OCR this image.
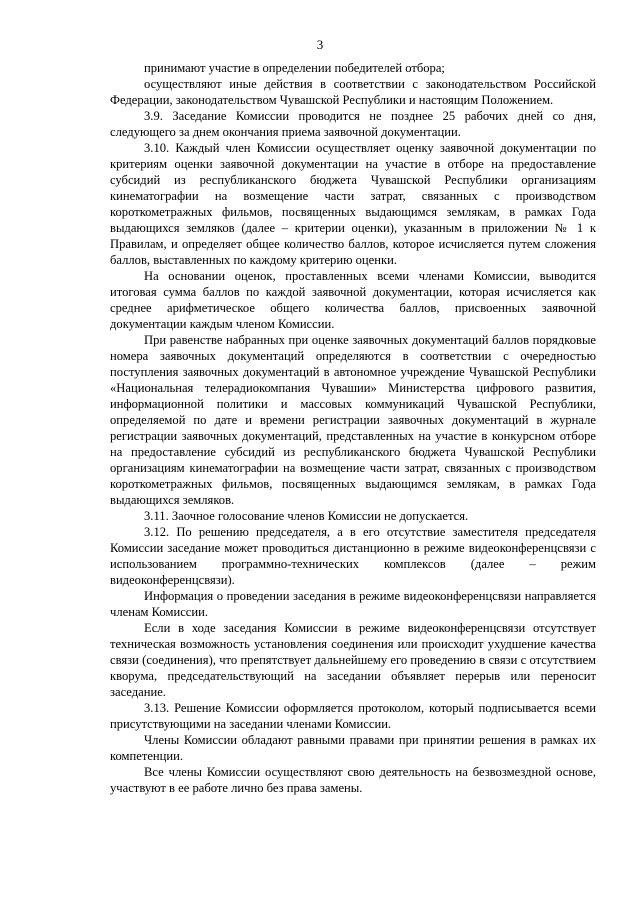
3

принимают участие в определении победителей отбора;

осуществляют иные действия в соответствии с законодательством Российской Федерации, законодательством Чувашской Республики и настоящим Положением.

3.9. Заседание Комиссии проводится не позднее 25 рабочих дней со дня, следующего за днем окончания приема заявочной документации.

3.10. Каждый член Комиссии осуществляет оценку заявочной документации по критериям оценки заявочной документации на участие в отборе на предоставление субсидий из республиканского бюджета Чувашской Республики организациям кинематографии на возмещение части затрат, связанных с производством короткометражных фильмов, посвященных выдающимся землякам, в рамках Года выдающихся земляков (далее – критерии оценки), указанным в приложении № 1 к Правилам, и определяет общее количество баллов, которое исчисляется путем сложения баллов, выставленных по каждому критерию оценки.

На основании оценок, проставленных всеми членами Комиссии, выводится итоговая сумма баллов по каждой заявочной документации, которая исчисляется как среднее арифметическое общего количества баллов, присвоенных заявочной документации каждым членом Комиссии.

При равенстве набранных при оценке заявочных документаций баллов порядковые номера заявочных документаций определяются в соответствии с очередностью поступления заявочных документаций в автономное учреждение Чувашской Республики «Национальная телерадиокомпания Чувашии» Министерства цифрового развития, информационной политики и массовых коммуникаций Чувашской Республики, определяемой по дате и времени регистрации заявочных документаций в журнале регистрации заявочных документаций, представленных на участие в конкурсном отборе на предоставление субсидий из республиканского бюджета Чувашской Республики организациям кинематографии на возмещение части затрат, связанных с производством короткометражных фильмов, посвященных выдающимся землякам, в рамках Года выдающихся земляков.

3.11. Заочное голосование членов Комиссии не допускается.

3.12. По решению председателя, а в его отсутствие заместителя председателя Комиссии заседание может проводиться дистанционно в режиме видеоконференцсвязи с использованием программно-технических комплексов (далее – режим видеоконференцсвязи).

Информация о проведении заседания в режиме видеоконференцсвязи направляется членам Комиссии.

Если в ходе заседания Комиссии в режиме видеоконференцсвязи отсутствует техническая возможность установления соединения или происходит ухудшение качества связи (соединения), что препятствует дальнейшему его проведению в связи с отсутствием кворума, председательствующий на заседании объявляет перерыв или переносит заседание.

3.13. Решение Комиссии оформляется протоколом, который подписывается всеми присутствующими на заседании членами Комиссии.

Члены Комиссии обладают равными правами при принятии решения в рамках их компетенции.

Все члены Комиссии осуществляют свою деятельность на безвозмездной основе, участвуют в ее работе лично без права замены.
